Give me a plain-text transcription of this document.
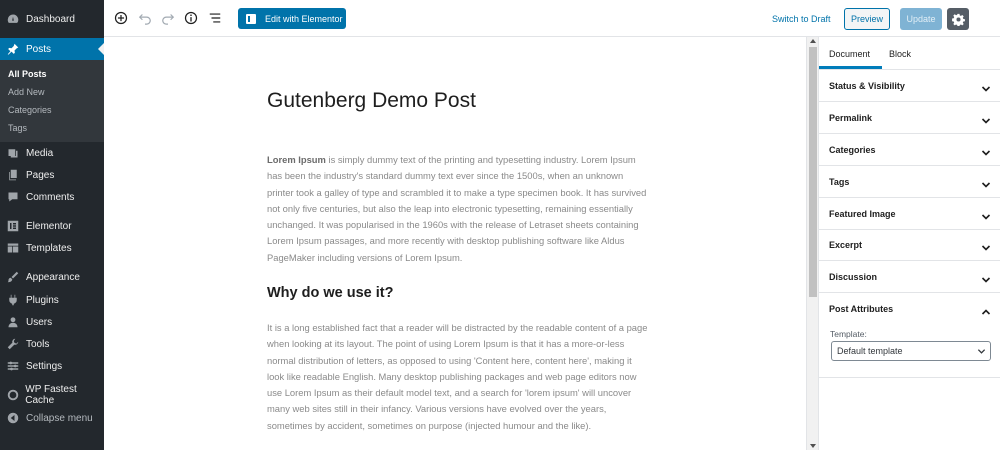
Dashboard
Posts
All Posts
Add New
Categories
Tags
Media
Pages
Comments
Elementor
Templates
Appearance
Plugins
Users
Tools
Settings
WP Fastest Cache
Collapse menu
Edit with Elementor	Switch to Draft	Preview	Update
Gutenberg Demo Post
Lorem Ipsum is simply dummy text of the printing and typesetting industry. Lorem Ipsum has been the industry's standard dummy text ever since the 1500s, when an unknown printer took a galley of type and scrambled it to make a type specimen book. It has survived not only five centuries, but also the leap into electronic typesetting, remaining essentially unchanged. It was popularised in the 1960s with the release of Letraset sheets containing Lorem Ipsum passages, and more recently with desktop publishing software like Aldus PageMaker including versions of Lorem Ipsum.
Why do we use it?
It is a long established fact that a reader will be distracted by the readable content of a page when looking at its layout. The point of using Lorem Ipsum is that it has a more-or-less normal distribution of letters, as opposed to using 'Content here, content here', making it look like readable English. Many desktop publishing packages and web page editors now use Lorem Ipsum as their default model text, and a search for 'lorem ipsum' will uncover many web sites still in their infancy. Various versions have evolved over the years, sometimes by accident, sometimes on purpose (injected humour and the like).
Document Block
Status & Visibility
Permalink
Categories
Tags
Featured Image
Excerpt
Discussion
Post Attributes
Template:
Default template
